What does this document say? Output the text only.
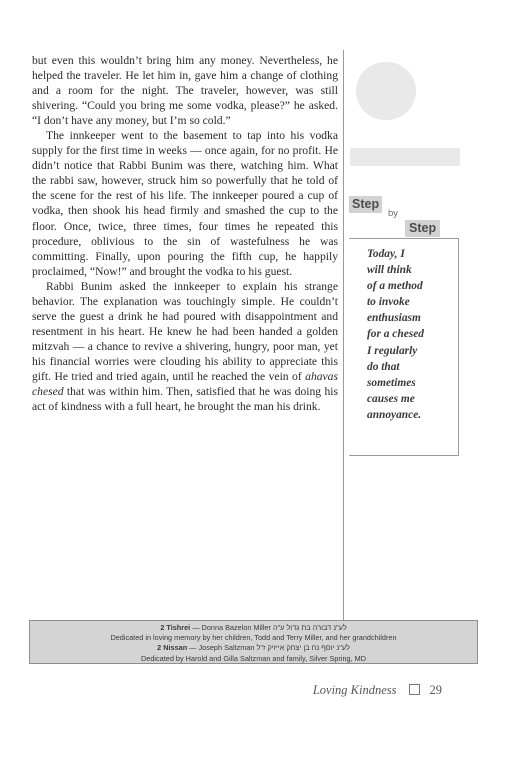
but even this wouldn’t bring him any money. Nevertheless, he helped the traveler. He let him in, gave him a change of clothing and a room for the night. The traveler, however, was still shivering. “Could you bring me some vodka, please?” he asked. “I don’t have any money, but I’m so cold.”

The innkeeper went to the basement to tap into his vodka supply for the first time in weeks — once again, for no profit. He didn’t notice that Rabbi Bunim was there, watching him. What the rabbi saw, however, struck him so powerfully that he told of the scene for the rest of his life. The innkeeper poured a cup of vodka, then shook his head firmly and smashed the cup to the floor. Once, twice, three times, four times he repeated this procedure, oblivious to the sin of wastefulness he was committing. Finally, upon pouring the fifth cup, he happily proclaimed, “Now!” and brought the vodka to his guest.

Rabbi Bunim asked the innkeeper to explain his strange behavior. The explanation was touchingly simple. He couldn’t serve the guest a drink he had poured with disappointment and resentment in his heart. He knew he had been handed a golden mitzvah — a chance to revive a shivering, hungry, poor man, yet his financial worries were clouding his ability to appreciate this gift. He tried and tried again, until he reached the vein of ahavas chesed that was within him. Then, satisfied that he was doing his act of kindness with a full heart, he brought the man his drink.

Step
by
Step
Today, I
will think
of a method
to invoke
enthusiasm
for a chesed
I regularly
do that
sometimes
causes me
annoyance.
2 Tishrei — Donna Bazelon Miller לע"נ דבורה בת גדול ע"ה
Dedicated in loving memory by her children, Todd and Terry Miller, and her grandchildren
2 Nissan — Joseph Saltzman לע"נ יוסף נח בן יצחק אייזיק ז"ל
Dedicated by Harold and Gilla Saltzman and family, Silver Spring, MD
Loving Kindness	29
